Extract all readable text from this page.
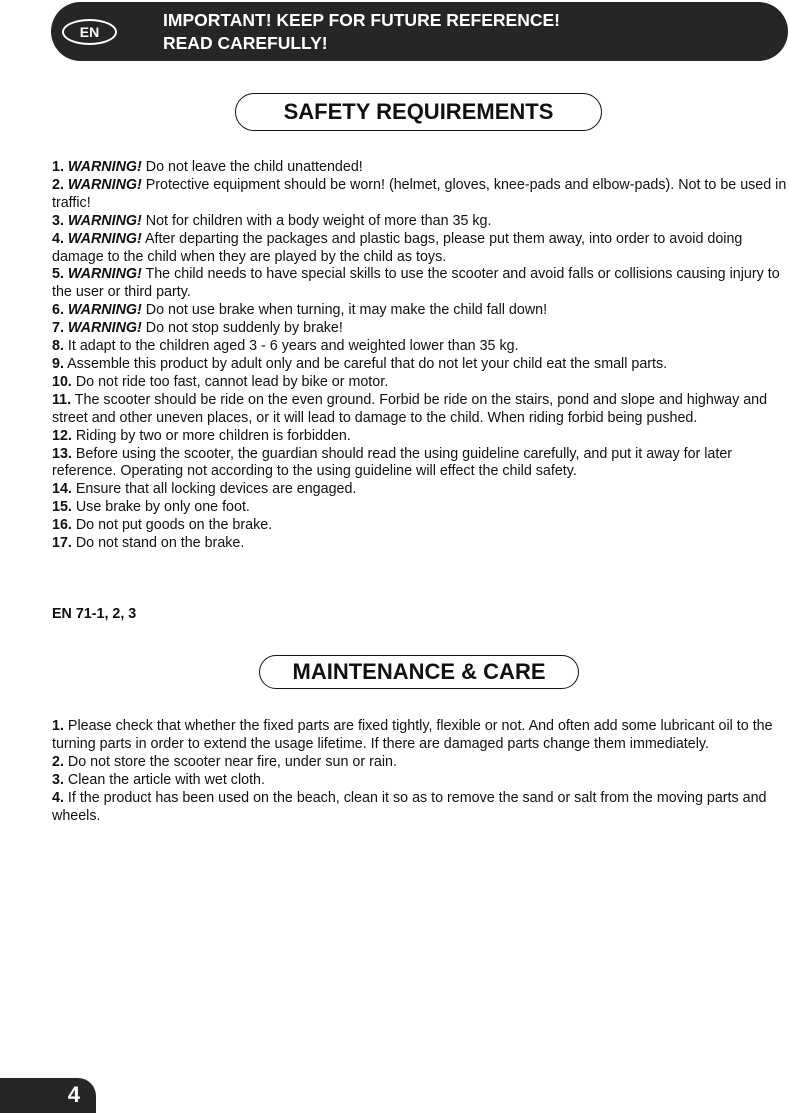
EN
IMPORTANT! KEEP FOR FUTURE REFERENCE!
READ CAREFULLY!
SAFETY REQUIREMENTS

1. WARNING! Do not leave the child unattended!

2. WARNING! Protective equipment should be worn! (helmet, gloves, knee-pads and elbow-pads). Not to be used in traffic!

3. WARNING! Not for children with a body weight of more than 35 kg.

4. WARNING! After departing the packages and plastic bags, please put them away, into order to avoid doing damage to the child when they are played by the child as toys.

5. WARNING! The child needs to have special skills to use the scooter and avoid falls or collisions causing injury to the user or third party.

6. WARNING! Do not use brake when turning, it may make the child fall down!

7. WARNING! Do not stop suddenly by brake!

8. It adapt to the children aged 3 - 6 years and weighted lower than 35 kg.

9. Assemble this product by adult only and be careful that do not let your child eat the small parts.

10. Do not ride too fast, cannot lead by bike or motor.

11. The scooter should be ride on the even ground. Forbid be ride on the stairs, pond and slope and highway and street and other uneven places, or it will lead to damage to the child. When riding forbid being pushed.

12. Riding by two or more children is forbidden.

13. Before using the scooter, the guardian should read the using guideline carefully, and put it away for later reference. Operating not according to the using guideline will effect the child safety.

14. Ensure that all locking devices are engaged.

15. Use brake by only one foot.

16. Do not put goods on the brake.

17. Do not stand on the brake.

EN 71-1, 2, 3
MAINTENANCE & CARE

1. Please check that whether the fixed parts are fixed tightly, flexible or not. And often add some lubricant oil to the turning parts in order to extend the usage lifetime. If there are damaged parts change them immediately.

2. Do not store the scooter near fire, under sun or rain.

3. Clean the article with wet cloth.

4. If the product has been used on the beach, clean it so as to remove the sand or salt from the moving parts and wheels.

4
